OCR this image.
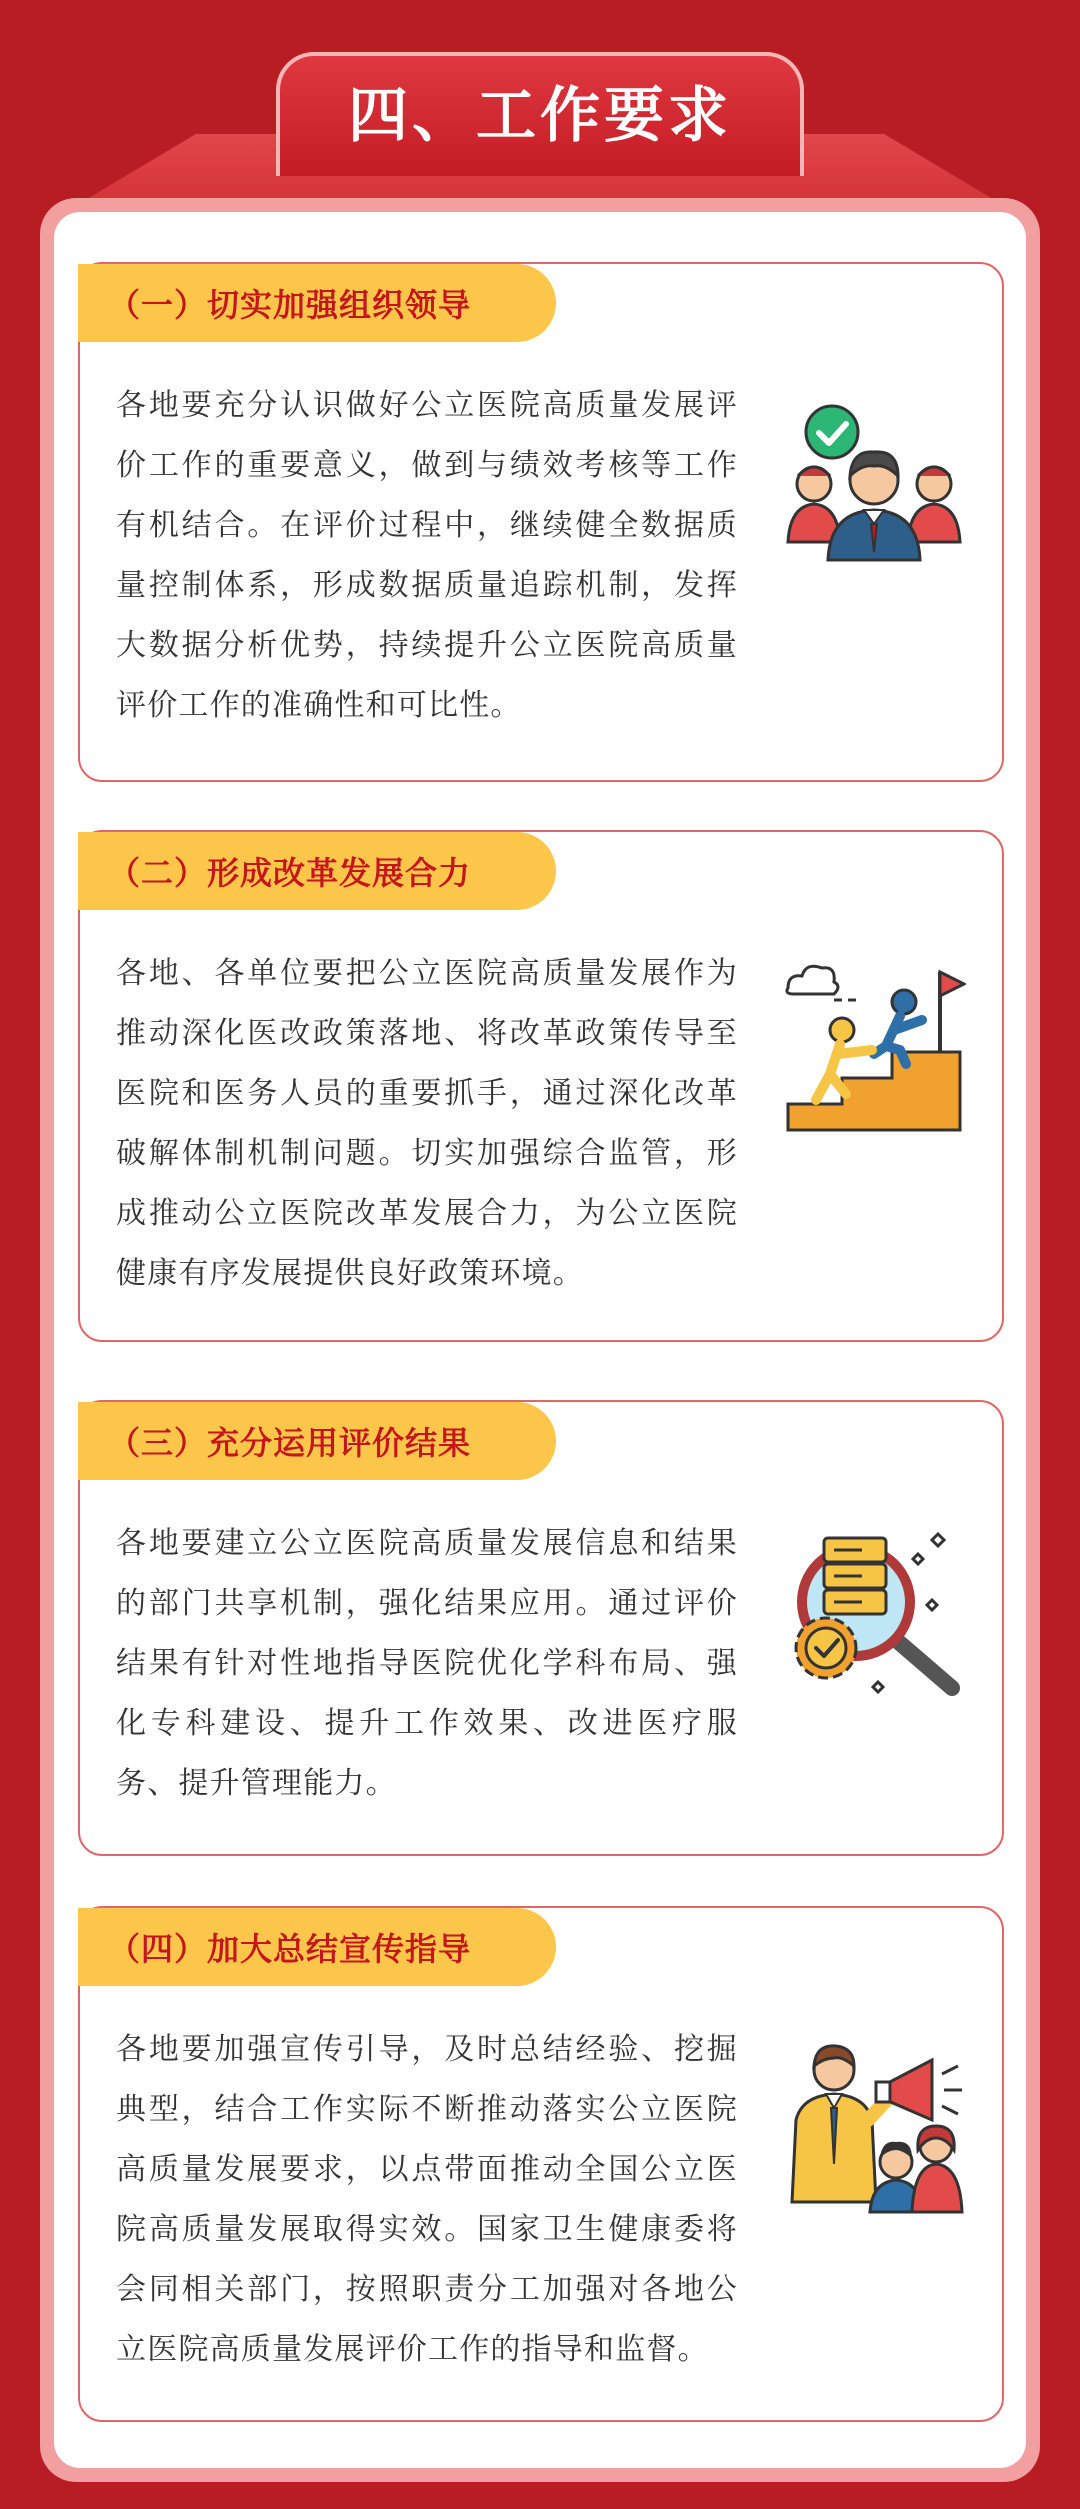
四、工作要求
（一）切实加强组织领导
各地要充分认识做好公立医院高质量发展评价工作的重要意义，做到与绩效考核等工作有机结合。在评价过程中，继续健全数据质量控制体系，形成数据质量追踪机制，发挥大数据分析优势，持续提升公立医院高质量评价工作的准确性和可比性。
（二）形成改革发展合力
各地、各单位要把公立医院高质量发展作为推动深化医改政策落地、将改革政策传导至医院和医务人员的重要抓手，通过深化改革破解体制机制问题。切实加强综合监管，形成推动公立医院改革发展合力，为公立医院健康有序发展提供良好政策环境。
（三）充分运用评价结果
各地要建立公立医院高质量发展信息和结果的部门共享机制，强化结果应用。通过评价结果有针对性地指导医院优化学科布局、强化专科建设、提升工作效果、改进医疗服务、提升管理能力。
（四）加大总结宣传指导
各地要加强宣传引导，及时总结经验、挖掘典型，结合工作实际不断推动落实公立医院高质量发展要求，以点带面推动全国公立医院高质量发展取得实效。国家卫生健康委将会同相关部门，按照职责分工加强对各地公立医院高质量发展评价工作的指导和监督。
